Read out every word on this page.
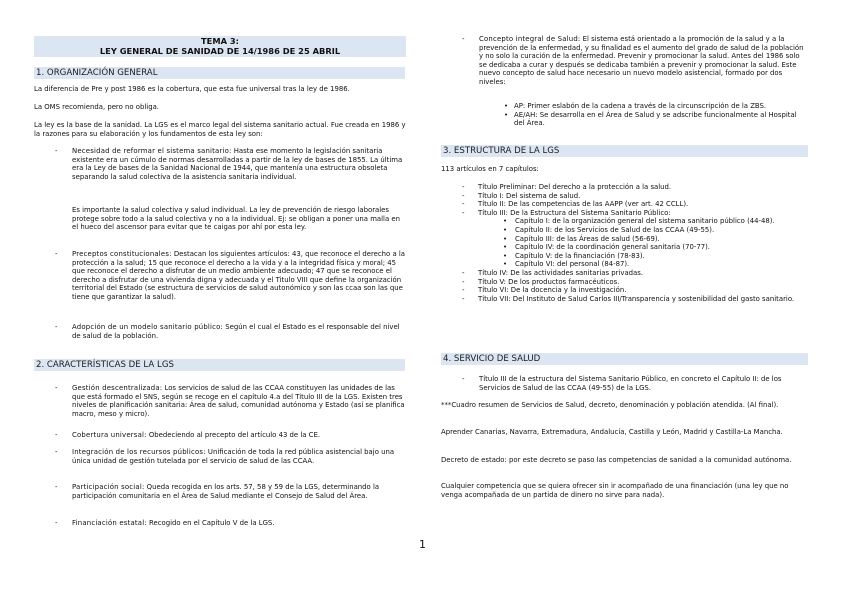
TEMA 3:
LEY GENERAL DE SANIDAD DE 14/1986 DE 25 ABRIL
1. ORGANIZACIÓN GENERAL

La diferencia de Pre y post 1986 es la cobertura, que esta fue universal tras la ley de 1986.

La OMS recomienda, pero no obliga.

La ley es la base de la sanidad. La LGS es el marco legal del sistema sanitario actual. Fue creada en 1986 y la razones para su elaboración y los fundamentos de esta ley son:

- Necesidad de reformar el sistema sanitario: Hasta ese momento la legislación sanitaria existente era un cúmulo de normas desarrolladas a partir de la ley de bases de 1855. La última era la Ley de bases de la Sanidad Nacional de 1944, que mantenía una estructura obsoleta separando la salud colectiva de la asistencia sanitaria individual.
Es importante la salud colectiva y salud individual. La ley de prevención de riesgo laborales protege sobre todo a la salud colectiva y no a la individual. Ej: se obligan a poner una malla en el hueco del ascensor para evitar que te caigas por ahí por esta ley.
- Preceptos constitucionales: Destacan los siguientes artículos: 43, que reconoce el derecho a la protección a la salud; 15 que reconoce el derecho a la vida y a la integridad física y moral; 45 que reconoce el derecho a disfrutar de un medio ambiente adecuado; 47 que se reconoce el derecho a disfrutar de una vivienda digna y adecuada y el Titulo VIII que define la organización territorial del Estado (se estructura de servicios de salud autonómico y son las ccaa son las que tiene que garantizar la salud).
- Adopción de un modelo sanitario público: Según el cual el Estado es el responsable del nivel de salud de la población.
2. CARACTERÍSTICAS DE LA LGS
- Gestión descentralizada: Los servicios de salud de las CCAA constituyen las unidades de las que está formado el SNS, según se recoge en el capítulo 4.a del Titulo III de la LGS. Existen tres niveles de planificación sanitaria: Área de salud, comunidad autónoma y Estado (así se planifica macro, meso y micro).
- Cobertura universal: Obedeciendo al precepto del artículo 43 de la CE.
- Integración de los recursos públicos: Unificación de toda la red pública asistencial bajo una única unidad de gestión tutelada por el servicio de salud de las CCAA.
- Participación social: Queda recogida en los arts. 57, 58 y 59 de la LGS, determinando la participación comunitaria en el Área de Salud mediante el Consejo de Salud del Área.
- Financiación estatal: Recogido en el Capítulo V de la LGS.
- Concepto integral de Salud: El sistema está orientado a la promoción de la salud y a la prevención de la enfermedad, y su finalidad es el aumento del grado de salud de la población y no solo la curación de la enfermedad. Prevenir y promocionar la salud. Antes del 1986 solo se dedicaba a curar y después se dedicaba también a prevenir y promocionar la salud. Este nuevo concepto de salud hace necesario un nuevo modelo asistencial, formado por dos niveles:
• AP: Primer eslabón de la cadena a través de la circunscripción de la ZBS.
• AE/AH: Se desarrolla en el Área de Salud y se adscribe funcionalmente al Hospital del Área.
3. ESTRUCTURA DE LA LGS

113 artículos en 7 capítulos:

- Título Preliminar: Del derecho a la protección a la salud.
- Título I: Del sistema de salud.
- Título II: De las competencias de las AAPP (ver art. 42 CCLL).
- Título III: De la Estructura del Sistema Sanitario Público:
• Capítulo I: de la organización general del sistema sanitario público (44-48).
• Capítulo II: de los Servicios de Salud de las CCAA (49-55).
• Capítulo III: de las Áreas de salud (56-69).
• Capítulo IV: de la coordinación general sanitaria (70-77).
• Capítulo V: de la financiación (78-83).
• Capítulo VI: del personal (84-87).
- Título IV: De las actividades sanitarias privadas.
- Título V: De los productos farmacéuticos.
- Título VI: De la docencia y la investigación.
- Título VII: Del Instituto de Salud Carlos III/Transparencia y sostenibilidad del gasto sanitario.
4. SERVICIO DE SALUD
- Título III de la estructura del Sistema Sanitario Público, en concreto el Capítulo II: de los Servicios de Salud de las CCAA (49-55) de la LGS.

***Cuadro resumen de Servicios de Salud, decreto, denominación y población atendida. (Al final).

Aprender Canarias, Navarra, Extremadura, Andalucía, Castilla y León, Madrid y Castilla-La Mancha.

Decreto de estado: por este decreto se paso las competencias de sanidad a la comunidad autónoma.

Cualquier competencia que se quiera ofrecer sin ir acompañado de una financiación (una ley que no venga acompañada de un partida de dinero no sirve para nada).

1
